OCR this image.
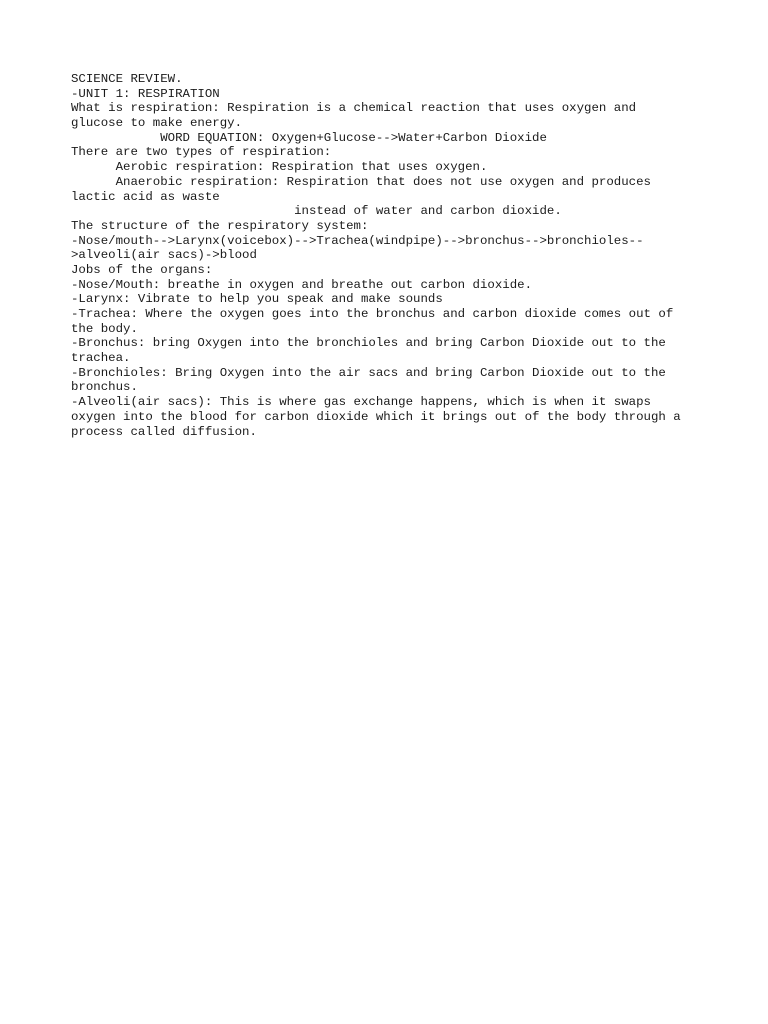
SCIENCE REVIEW.
-UNIT 1: RESPIRATION
What is respiration: Respiration is a chemical reaction that uses oxygen and
glucose to make energy.
WORD EQUATION: Oxygen+Glucose-->Water+Carbon Dioxide
There are two types of respiration:
Aerobic respiration: Respiration that uses oxygen.
Anaerobic respiration: Respiration that does not use oxygen and produces
lactic acid as waste
instead of water and carbon dioxide.
The structure of the respiratory system:
-Nose/mouth-->Larynx(voicebox)-->Trachea(windpipe)-->bronchus-->bronchioles--
>alveoli(air sacs)->blood
Jobs of the organs:
-Nose/Mouth: breathe in oxygen and breathe out carbon dioxide.
-Larynx: Vibrate to help you speak and make sounds
-Trachea: Where the oxygen goes into the bronchus and carbon dioxide comes out of
the body.
-Bronchus: bring Oxygen into the bronchioles and bring Carbon Dioxide out to the
trachea.
-Bronchioles: Bring Oxygen into the air sacs and bring Carbon Dioxide out to the
bronchus.
-Alveoli(air sacs): This is where gas exchange happens, which is when it swaps
oxygen into the blood for carbon dioxide which it brings out of the body through a
process called diffusion.
